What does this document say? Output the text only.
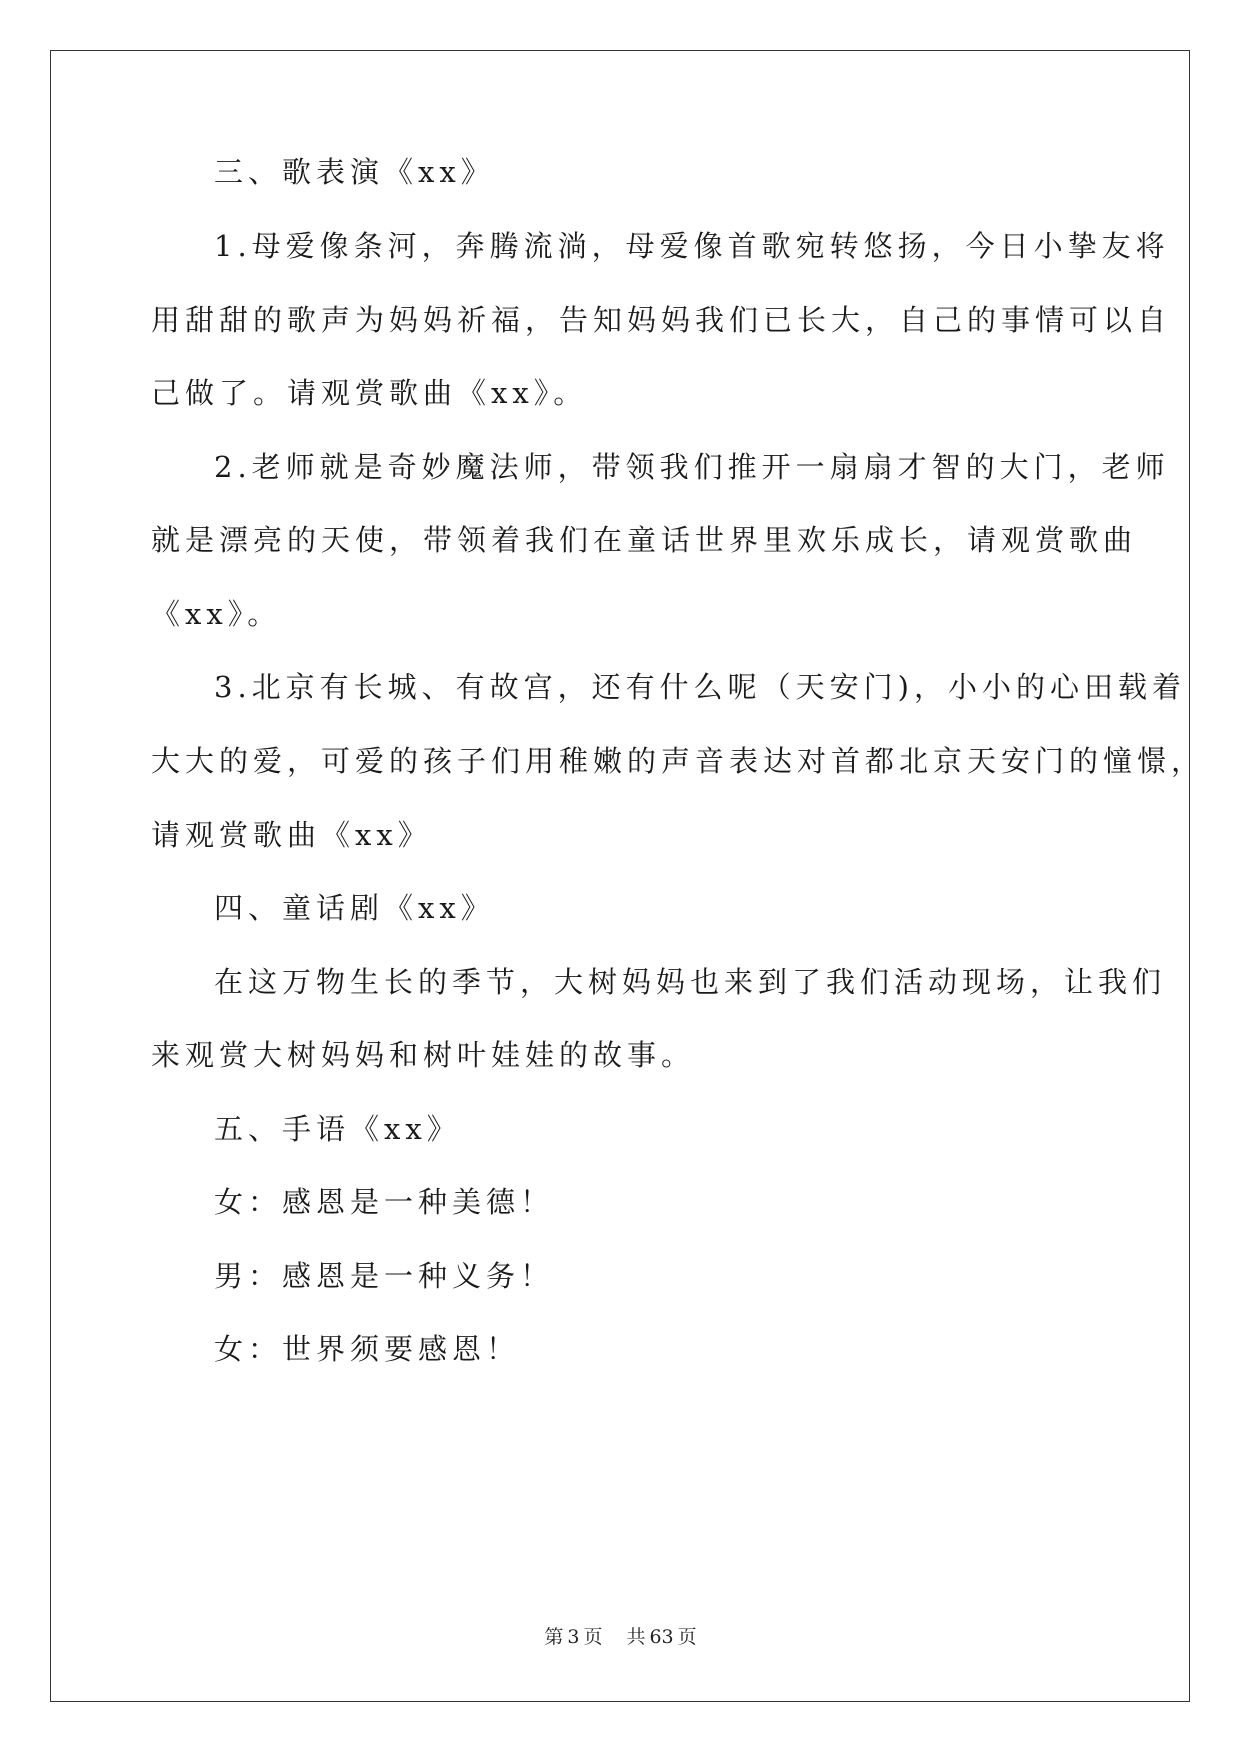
三、歌表演《xx》

1.母爱像条河，奔腾流淌，母爱像首歌宛转悠扬，今日小挚友将

用甜甜的歌声为妈妈祈福，告知妈妈我们已长大，自己的事情可以自

己做了。请观赏歌曲《xx》。

2.老师就是奇妙魔法师，带领我们推开一扇扇才智的大门，老师

就是漂亮的天使，带领着我们在童话世界里欢乐成长，请观赏歌曲

《xx》。

3.北京有长城、有故宫，还有什么呢（天安门)，小小的心田载着

大大的爱，可爱的孩子们用稚嫩的声音表达对首都北京天安门的憧憬，

请观赏歌曲《xx》

四、童话剧《xx》

在这万物生长的季节，大树妈妈也来到了我们活动现场，让我们

来观赏大树妈妈和树叶娃娃的故事。

五、手语《xx》

女：感恩是一种美德！

男：感恩是一种义务！

女：世界须要感恩！

第 3 页 共 63 页
